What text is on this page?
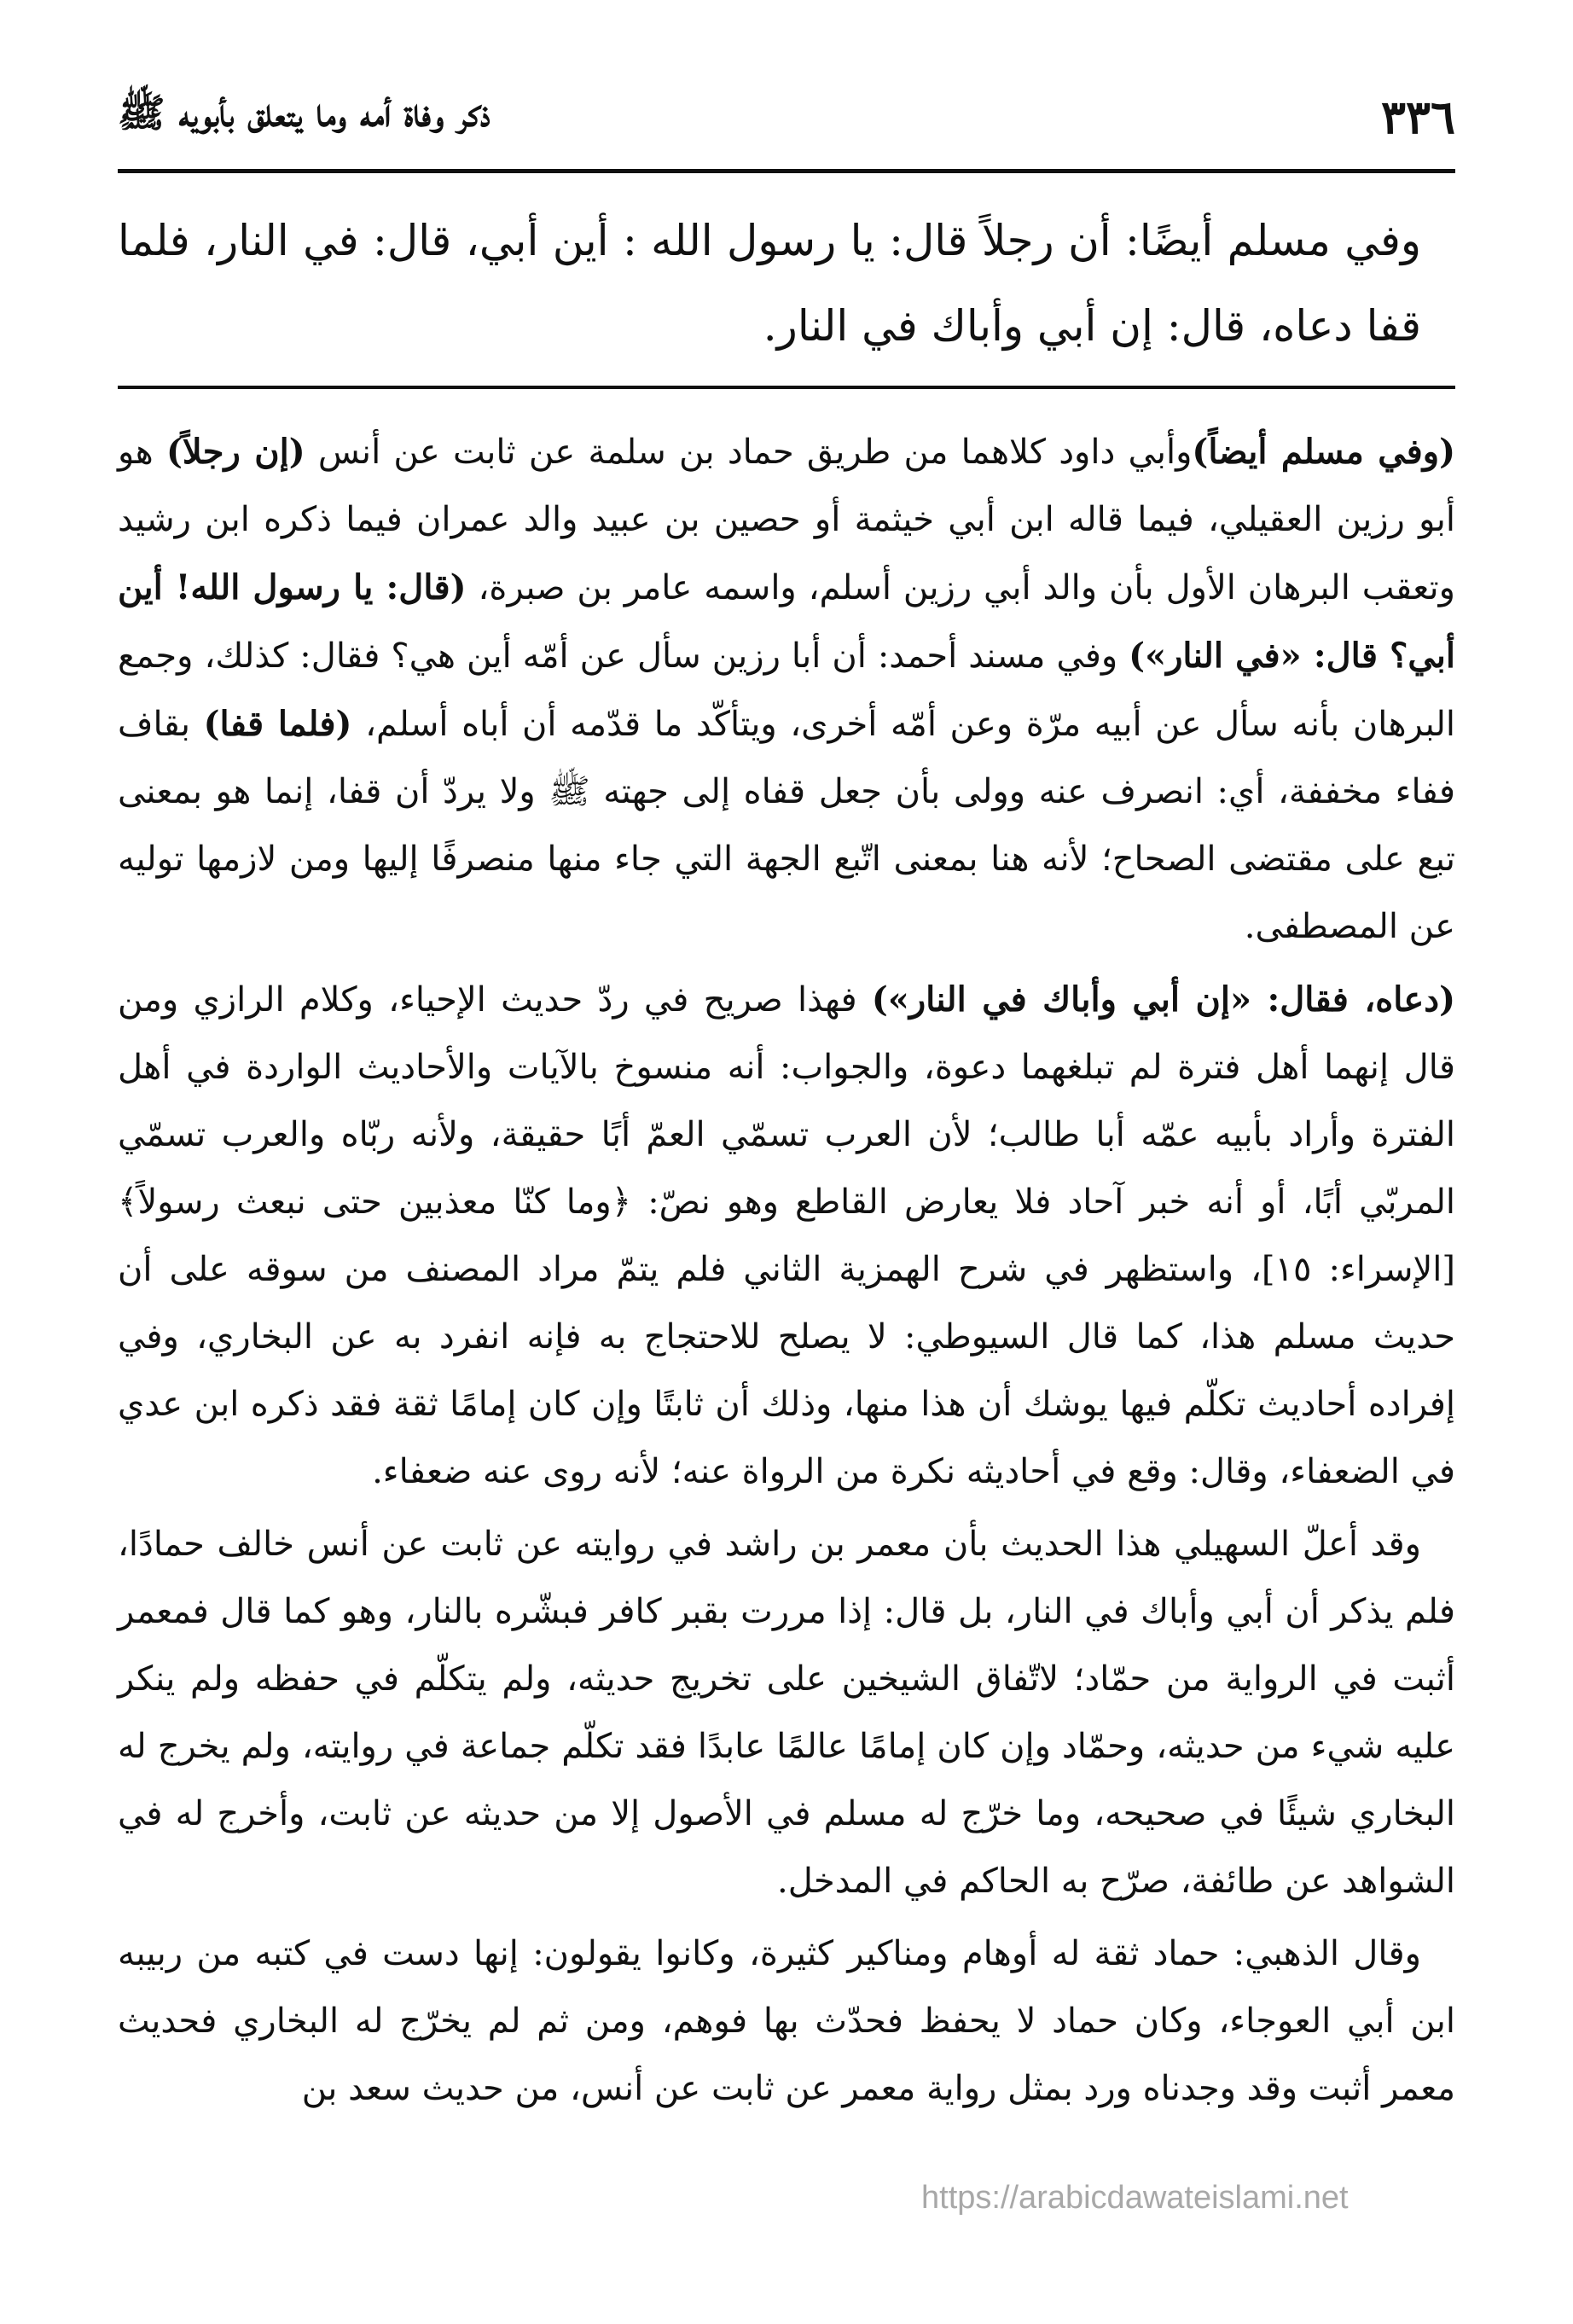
٣٣٦
ذكر وفاة أمه وما يتعلق بأبويه ﷺ

وفي مسلم أيضًا: أن رجلاً قال: يا رسول الله : أين أبي، قال: في النار، فلما قفا دعاه، قال: إن أبي وأباك في النار.

(وفي مسلم أيضاً)وأبي داود كلاهما من طريق حماد بن سلمة عن ثابت عن أنس (إن رجلاً) هو أبو رزين العقيلي، فيما قاله ابن أبي خيثمة أو حصين بن عبيد والد عمران فيما ذكره ابن رشيد وتعقب البرهان الأول بأن والد أبي رزين أسلم، واسمه عامر بن صبرة، (قال: يا رسول الله! أين أبي؟ قال: «في النار») وفي مسند أحمد: أن أبا رزين سأل عن أمّه أين هي؟ فقال: كذلك، وجمع البرهان بأنه سأل عن أبيه مرّة وعن أمّه أخرى، ويتأكّد ما قدّمه أن أباه أسلم، (فلما قفا) بقاف ففاء مخففة، أي: انصرف عنه وولى بأن جعل قفاه إلى جهته ﷺ ولا يردّ أن قفا، إنما هو بمعنى تبع على مقتضى الصحاح؛ لأنه هنا بمعنى اتّبع الجهة التي جاء منها منصرفًا إليها ومن لازمها توليه عن المصطفى.

(دعاه، فقال: «إن أبي وأباك في النار») فهذا صريح في ردّ حديث الإحياء، وكلام الرازي ومن قال إنهما أهل فترة لم تبلغهما دعوة، والجواب: أنه منسوخ بالآيات والأحاديث الواردة في أهل الفترة وأراد بأبيه عمّه أبا طالب؛ لأن العرب تسمّي العمّ أبًا حقيقة، ولأنه ربّاه والعرب تسمّي المربّي أبًا، أو أنه خبر آحاد فلا يعارض القاطع وهو نصّ: ﴿وما كنّا معذبين حتى نبعث رسولاً﴾ [الإسراء: ١٥]، واستظهر في شرح الهمزية الثاني فلم يتمّ مراد المصنف من سوقه على أن حديث مسلم هذا، كما قال السيوطي: لا يصلح للاحتجاج به فإنه انفرد به عن البخاري، وفي إفراده أحاديث تكلّم فيها يوشك أن هذا منها، وذلك أن ثابتًا وإن كان إمامًا ثقة فقد ذكره ابن عدي في الضعفاء، وقال: وقع في أحاديثه نكرة من الرواة عنه؛ لأنه روى عنه ضعفاء.

وقد أعلّ السهيلي هذا الحديث بأن معمر بن راشد في روايته عن ثابت عن أنس خالف حمادًا، فلم يذكر أن أبي وأباك في النار، بل قال: إذا مررت بقبر كافر فبشّره بالنار، وهو كما قال فمعمر أثبت في الرواية من حمّاد؛ لاتّفاق الشيخين على تخريج حديثه، ولم يتكلّم في حفظه ولم ينكر عليه شيء من حديثه، وحمّاد وإن كان إمامًا عالمًا عابدًا فقد تكلّم جماعة في روايته، ولم يخرج له البخاري شيئًا في صحيحه، وما خرّج له مسلم في الأصول إلا من حديثه عن ثابت، وأخرج له في الشواهد عن طائفة، صرّح به الحاكم في المدخل.

وقال الذهبي: حماد ثقة له أوهام ومناكير كثيرة، وكانوا يقولون: إنها دست في كتبه من ربيبه ابن أبي العوجاء، وكان حماد لا يحفظ فحدّث بها فوهم، ومن ثم لم يخرّج له البخاري فحديث معمر أثبت وقد وجدناه ورد بمثل رواية معمر عن ثابت عن أنس، من حديث سعد بن

https://arabicdawateislami.net
